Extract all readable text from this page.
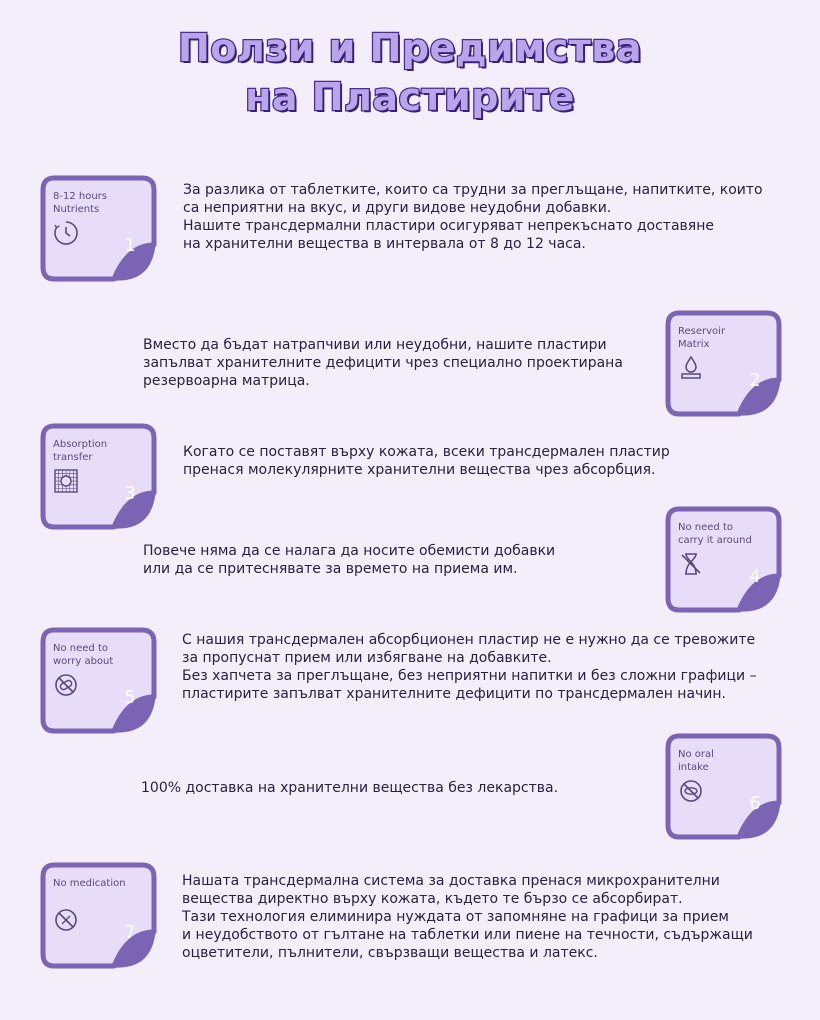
Ползи и Предимства
на Пластирите
8-12 hours
Nutrients
1
За разлика от таблетките, които са трудни за преглъщане, напитките, които
са неприятни на вкус, и други видове неудобни добавки.
Нашите трансдермални пластири осигуряват непрекъснато доставяне
на хранителни вещества в интервала от 8 до 12 часа.
Reservoir
Matrix
2
Вместо да бъдат натрапчиви или неудобни, нашите пластири
запълват хранителните дефицити чрез специално проектирана
резервоарна матрица.
Absorption
transfer
3
Когато се поставят върху кожата, всеки трансдермален пластир
пренася молекулярните хранителни вещества чрез абсорбция.
No need to
carry it around
4
Повече няма да се налага да носите обемисти добавки
или да се притеснявате за времето на приема им.
No need to
worry about
5
С нашия трансдермален абсорбционен пластир не е нужно да се тревожите
за пропуснат прием или избягване на добавките.
Без хапчета за преглъщане, без неприятни напитки и без сложни графици –
пластирите запълват хранителните дефицити по трансдермален начин.
No oral
intake
6
100% доставка на хранителни вещества без лекарства.
No medication
7
Нашата трансдермална система за доставка пренася микрохранителни
вещества директно върху кожата, където те бързо се абсорбират.
Тази технология елиминира нуждата от запомняне на графици за прием
и неудобството от гълтане на таблетки или пиене на течности, съдържащи
оцветители, пълнители, свързващи вещества и латекс.
